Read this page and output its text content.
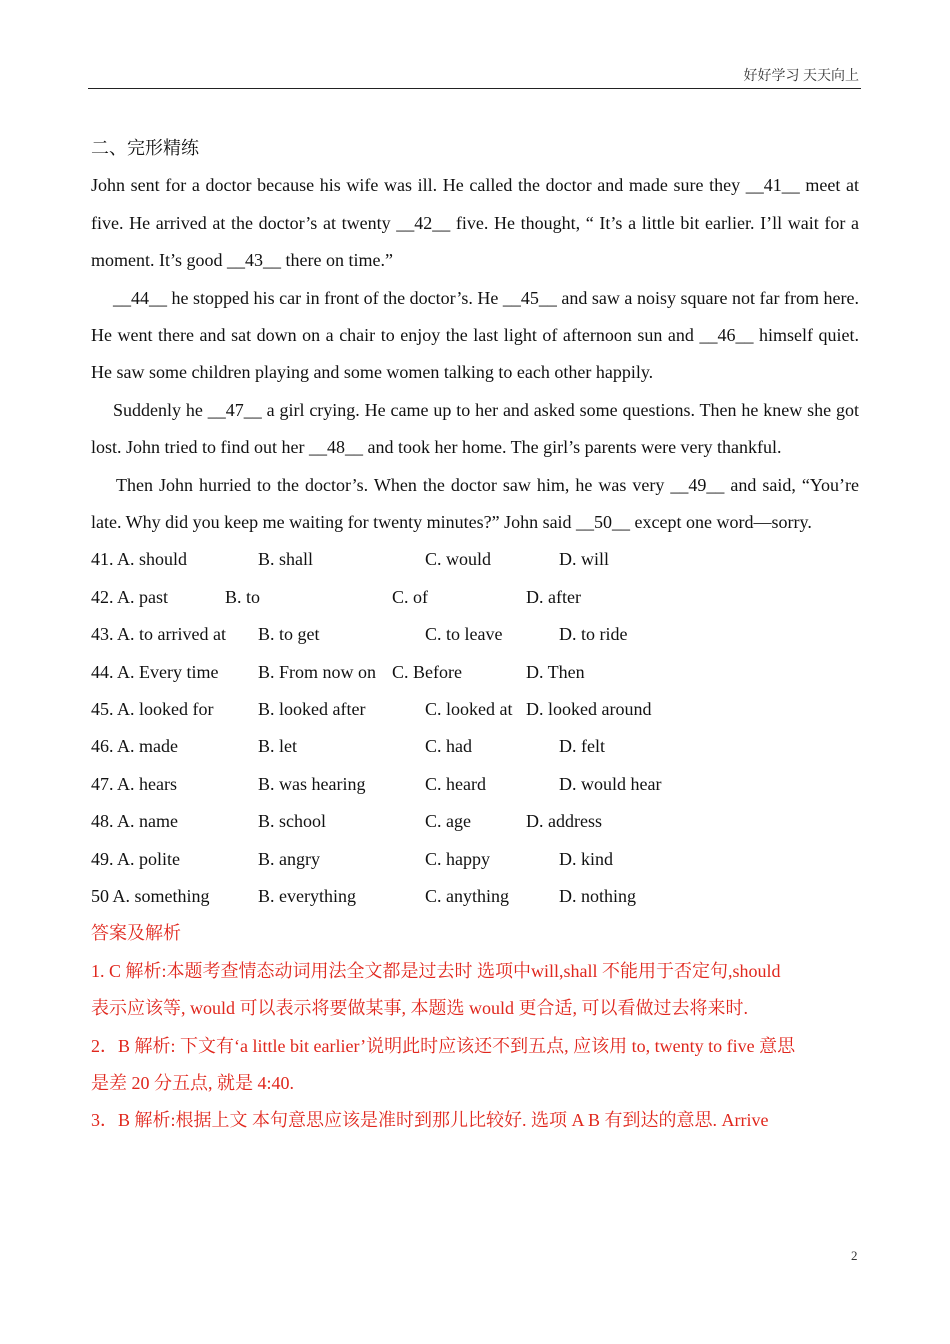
好好学习 天天向上

二、完形精练

John sent for a doctor because his wife was ill. He called the doctor and made sure they __41__ meet at five. He arrived at the doctor’s at twenty __42__ five. He thought, “ It’s a little bit earlier. I’ll wait for a moment. It’s good __43__ there on time.”

__44__ he stopped his car in front of the doctor’s. He __45__ and saw a noisy square not far from here. He went there and sat down on a chair to enjoy the last light of afternoon sun and __46__ himself quiet. He saw some children playing and some women talking to each other happily.

Suddenly he __47__ a girl crying. He came up to her and asked some questions. Then he knew she got lost. John tried to find out her __48__ and took her home. The girl’s parents were very thankful.

Then John hurried to the doctor’s. When the doctor saw him, he was very __49__ and said, “You’re late. Why did you keep me waiting for twenty minutes?” John said __50__ except one word—sorry.

41. A. should	B. shall	C. would	D. will
42. A. past	B. to	C. of	D. after
43. A. to arrived at B. to get	C. to leave	D. to ride
44. A. Every time B. From now on C. Before	D. Then
45. A. looked for B. looked after	C. looked at D. looked around
46. A. made	B. let	C. had	D. felt
47. A. hears	B. was hearing	C. heard	D. would hear
48. A. name	B. school	C. age	D. address
49. A. polite	B. angry	C. happy	D. kind
50 A. something	B. everything	C. anything	D. nothing

答案及解析

1. C 解析:本题考查情态动词用法全文都是过去时 选项中will,shall 不能用于否定句,should

表示应该等, would 可以表示将要做某事, 本题选 would 更合适, 可以看做过去将来时.

2．B 解析: 下文有‘a little bit earlier’说明此时应该还不到五点, 应该用 to, twenty to five 意思

是差 20 分五点, 就是 4:40.

3．B 解析:根据上文 本句意思应该是准时到那儿比较好. 选项 A B 有到达的意思. Arrive

2
